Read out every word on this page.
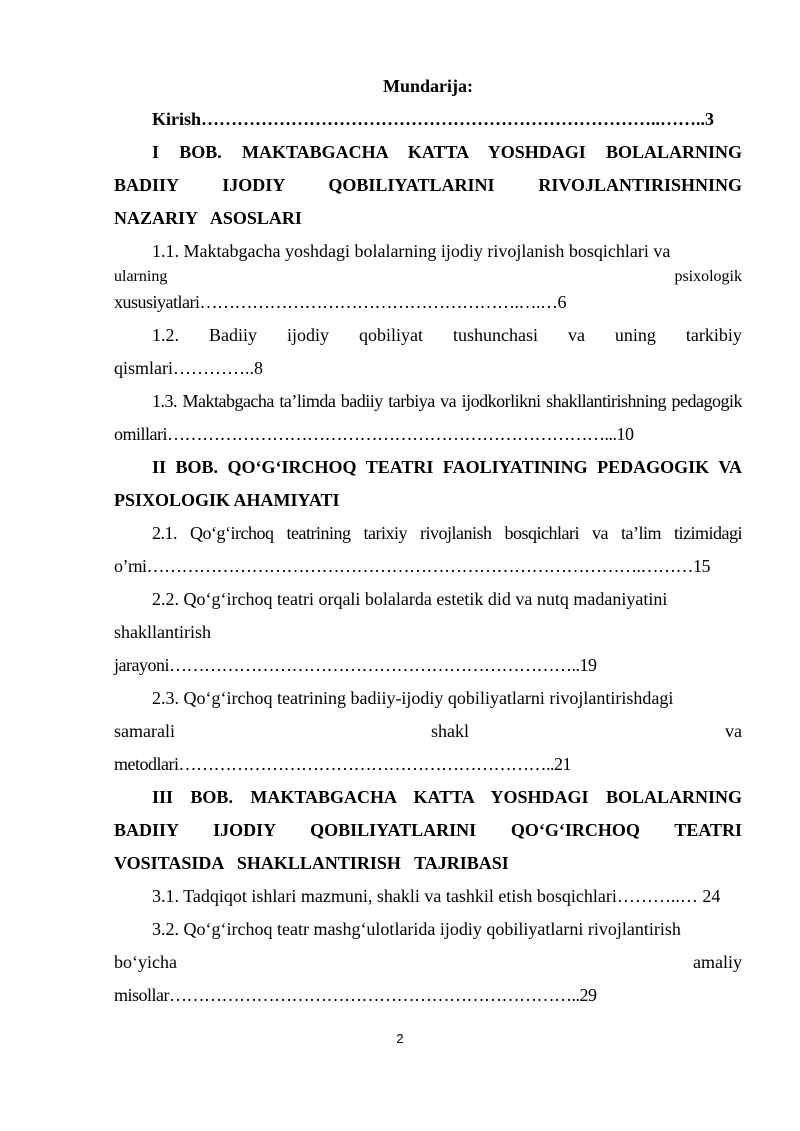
Mundarija:

Kirish…………………………………………………………………..……..3

I BOB. MAKTABGACHA KATTA YOSHDAGI BOLALARNING BADIIY IJODIY QOBILIYATLARINI RIVOJLANTIRISHNING NAZARIY ASOSLARI

1.1. Maktabgacha yoshdagi bolalarning ijodiy rivojlanish bosqichlari va

ularning	psixologik
xususiyatlari……………………………………………….….…6
1.2. Badiiy ijodiy qobiliyat tushunchasi va uning tarkibiy
qismlari…………..8

1.3. Maktabgacha ta’limda badiiy tarbiya va ijodkorlikni shakllantirishning pedagogik omillari…………………………………………………………………...10

II BOB. QO‘G‘IRCHOQ TEATRI FAOLIYATINING PEDAGOGIK VA PSIXOLOGIK AHAMIYATI

2.1. Qo‘g‘irchoq teatrining tarixiy rivojlanish bosqichlari va ta’lim tizimidagi o’rni………………………………………………………………………….………15

2.2. Qo‘g‘irchoq teatri orqali bolalarda estetik did va nutq madaniyatini

shakllantirish
jarayoni……………………………………………………………..19

2.3. Qo‘g‘irchoq teatrining badiiy-ijodiy qobiliyatlarni rivojlantirishdagi

samarali	shakl	va
metodlari………………………………………………………..21

III BOB. MAKTABGACHA KATTA YOSHDAGI BOLALARNING BADIIY IJODIY QOBILIYATLARINI QO‘G‘IRCHOQ TEATRI VOSITASIDA SHAKLLANTIRISH TAJRIBASI

3.1. Tadqiqot ishlari mazmuni, shakli va tashkil etish bosqichlari………..… 24

3.2. Qo‘g‘irchoq teatr mashg‘ulotlarida ijodiy qobiliyatlarni rivojlantirish

bo‘yicha	amaliy
misollar……………………………………………………………..29
2
